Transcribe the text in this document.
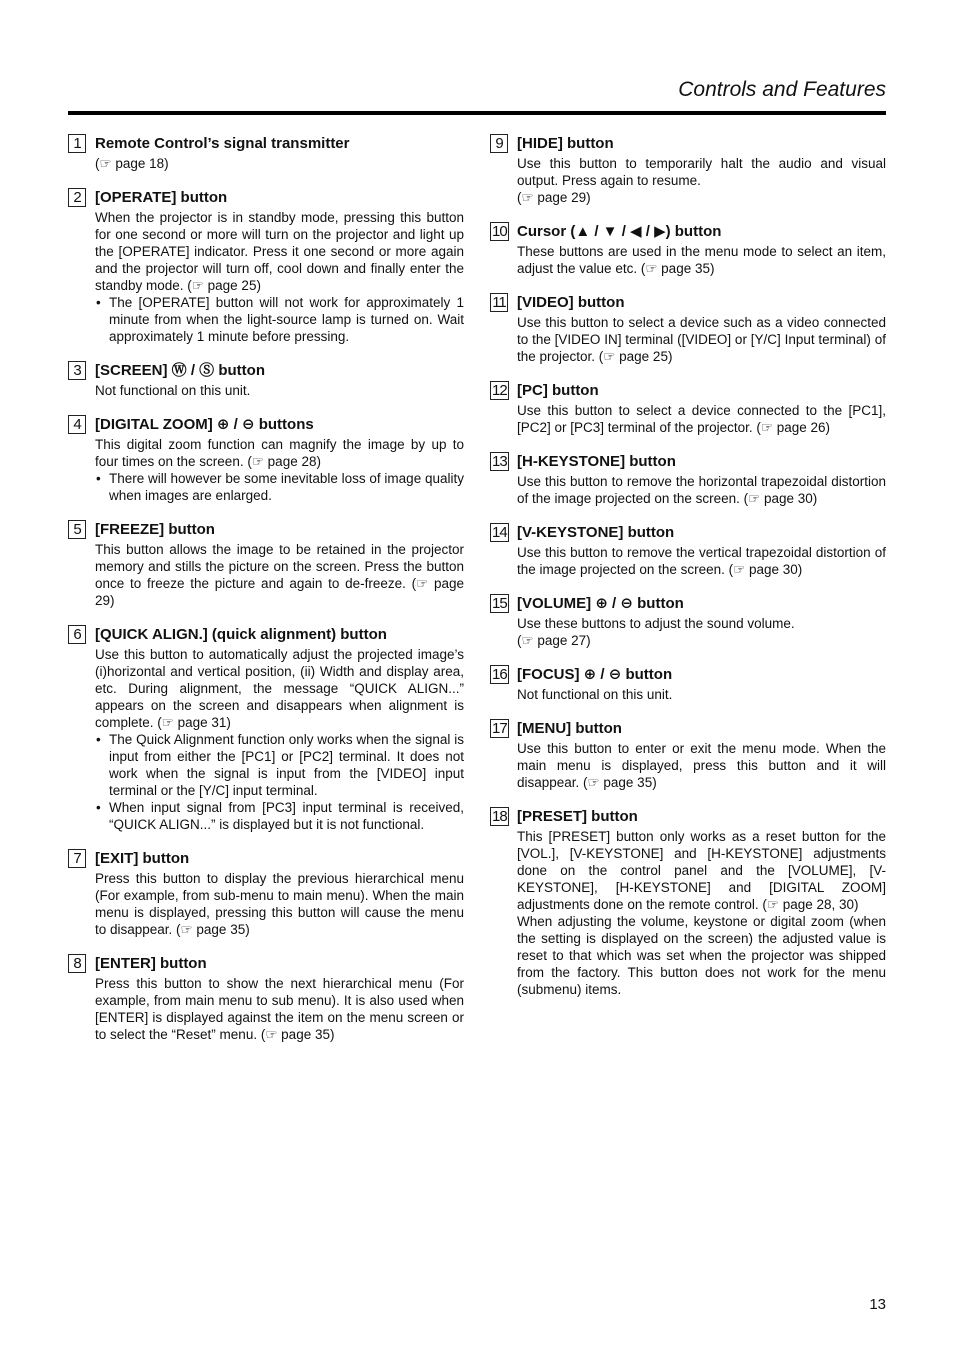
Controls and Features
1 Remote Control’s signal transmitter

(☞ page 18)

2 [OPERATE] button

When the projector is in standby mode, pressing this button for one second or more will turn on the projector and light up the [OPERATE] indicator. Press it one second or more again and the projector will turn off, cool down and finally enter the standby mode. (☞ page 25)

• The [OPERATE] button will not work for approximately 1 minute from when the light-source lamp is turned on. Wait approximately 1 minute before pressing.
3 [SCREEN] Ⓦ / Ⓢ button

Not functional on this unit.

4 [DIGITAL ZOOM] ⊕ / ⊖ buttons

This digital zoom function can magnify the image by up to four times on the screen. (☞ page 28)

• There will however be some inevitable loss of image quality when images are enlarged.
5 [FREEZE] button

This button allows the image to be retained in the projector memory and stills the picture on the screen. Press the button once to freeze the picture and again to de-freeze. (☞ page 29)

6 [QUICK ALIGN.] (quick alignment) button

Use this button to automatically adjust the projected image’s (i)horizontal and vertical position, (ii) Width and display area, etc. During alignment, the message “QUICK ALIGN...” appears on the screen and disappears when alignment is complete. (☞ page 31)

• The Quick Alignment function only works when the signal is input from either the [PC1] or [PC2] terminal. It does not work when the signal is input from the [VIDEO] input terminal or the [Y/C] input terminal.
• When input signal from [PC3] input terminal is received, “QUICK ALIGN...” is displayed but it is not functional.
7 [EXIT] button

Press this button to display the previous hierarchical menu (For example, from sub-menu to main menu). When the main menu is displayed, pressing this button will cause the menu to disappear. (☞ page 35)

8 [ENTER] button

Press this button to show the next hierarchical menu (For example, from main menu to sub menu). It is also used when [ENTER] is displayed against the item on the menu screen or to select the “Reset” menu. (☞ page 35)

9 [HIDE] button

Use this button to temporarily halt the audio and visual output. Press again to resume.

(☞ page 29)

10 Cursor (▲ / ▼ / ◀ / ▶) button

These buttons are used in the menu mode to select an item, adjust the value etc. (☞ page 35)

11 [VIDEO] button

Use this button to select a device such as a video connected to the [VIDEO IN] terminal ([VIDEO] or [Y/C] Input terminal) of the projector. (☞ page 25)

12 [PC] button

Use this button to select a device connected to the [PC1], [PC2] or [PC3] terminal of the projector. (☞ page 26)

13 [H-KEYSTONE] button

Use this button to remove the horizontal trapezoidal distortion of the image projected on the screen. (☞ page 30)

14 [V-KEYSTONE] button

Use this button to remove the vertical trapezoidal distortion of the image projected on the screen. (☞ page 30)

15 [VOLUME] ⊕ / ⊖ button

Use these buttons to adjust the sound volume.

(☞ page 27)

16 [FOCUS] ⊕ / ⊖ button

Not functional on this unit.

17 [MENU] button

Use this button to enter or exit the menu mode. When the main menu is displayed, press this button and it will disappear. (☞ page 35)

18 [PRESET] button

This [PRESET] button only works as a reset button for the [VOL.], [V-KEYSTONE] and [H-KEYSTONE] adjustments done on the control panel and the [VOLUME], [V-KEYSTONE], [H-KEYSTONE] and [DIGITAL ZOOM] adjustments done on the remote control. (☞ page 28, 30)

When adjusting the volume, keystone or digital zoom (when the setting is displayed on the screen) the adjusted value is reset to that which was set when the projector was shipped from the factory. This button does not work for the menu (submenu) items.

13
